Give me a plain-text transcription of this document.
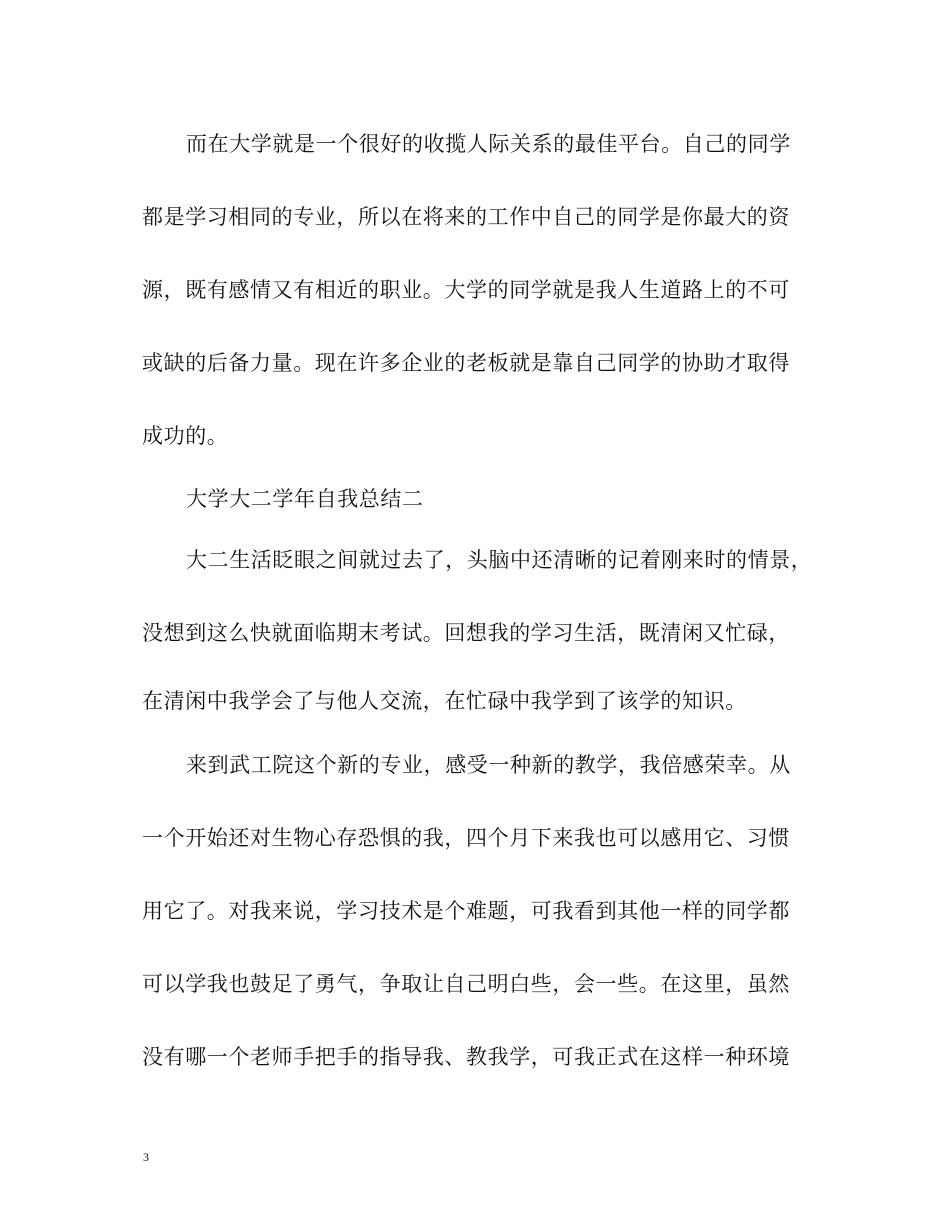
而在大学就是一个很好的收揽人际关系的最佳平台。自己的同学
都是学习相同的专业，所以在将来的工作中自己的同学是你最大的资
源，既有感情又有相近的职业。大学的同学就是我人生道路上的不可
或缺的后备力量。现在许多企业的老板就是靠自己同学的协助才取得
成功的。
大学大二学年自我总结二
大二生活眨眼之间就过去了，头脑中还清晰的记着刚来时的情景，
没想到这么快就面临期末考试。回想我的学习生活，既清闲又忙碌，
在清闲中我学会了与他人交流，在忙碌中我学到了该学的知识。
来到武工院这个新的专业，感受一种新的教学，我倍感荣幸。从
一个开始还对生物心存恐惧的我，四个月下来我也可以感用它、习惯
用它了。对我来说，学习技术是个难题，可我看到其他一样的同学都
可以学我也鼓足了勇气，争取让自己明白些，会一些。在这里，虽然
没有哪一个老师手把手的指导我、教我学，可我正式在这样一种环境
3
